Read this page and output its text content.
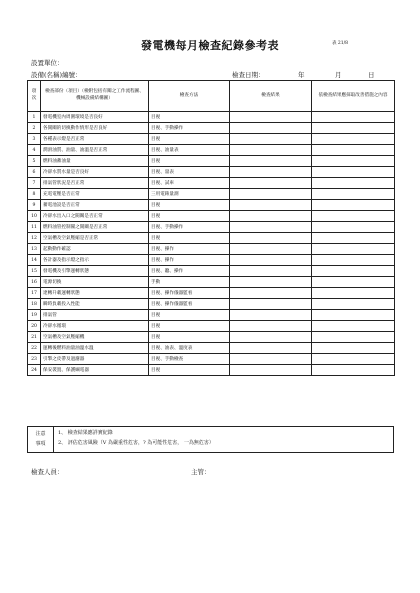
發電機每月檢查紀錄參考表	表 21/8
設置單位：
設備(名稱)編號：	檢查日期：	年	月	日
項次	檢查部份（項目）（檢附包括有關之工作流程圖、機械設備結構圖）	檢查方法	檢查結果	依檢查結果應採取改善措施之內容
1	發電機室內周圍環境是否良好	目視		
2	各開關的切換動作情形是否良好	目視、手動操作		
3	各種表示燈是否正常	目視		
4	潤滑油質、油量、油溫是否正常	目視、油量表		
5	燃料油蓄油量	目視		
6	冷卻水質水量是否良好	目視、量表		
7	排氣管狀況是否正常	目視、試車		
8	充電電壓是否正常	三用電錶量測		
9	蓄電池設是否正常	目視		
10	冷卻水出入口之閥關是否正常	目視		
11	燃料油管控制閥之開關是否正常	目視、手動操作		
12	空氣槽及空氣壓縮是否正常	目視		
13	起動動作確認	目視、操作		
14	各計器及指示燈之指示	目視、操作		
15	發電機及引擎運轉狀態	目視、聽、操作		
16	電源切換	手動		
17	達轉升載運轉狀態	目視、操作儀器監看		
18	瞬時負載投入性能	目視、操作儀器監看		
19	排氣管	目視		
20	冷卻水循環	目視		
21	空氣槽及空氣壓縮機	目視		
22	運轉後燃料油量油溫水溫	目視、油表、溫度表		
23	引擎之皮帶及過濾器	目視、手動檢查		
24	保安裝置、保護綱電器	目視		
注意
事項
1、 檢查結果應詳實紀錄
2、 評估危害風險（V 為嚴重性危害，? 為可能性危害， 一為無危害）
檢查人員：	主管：
